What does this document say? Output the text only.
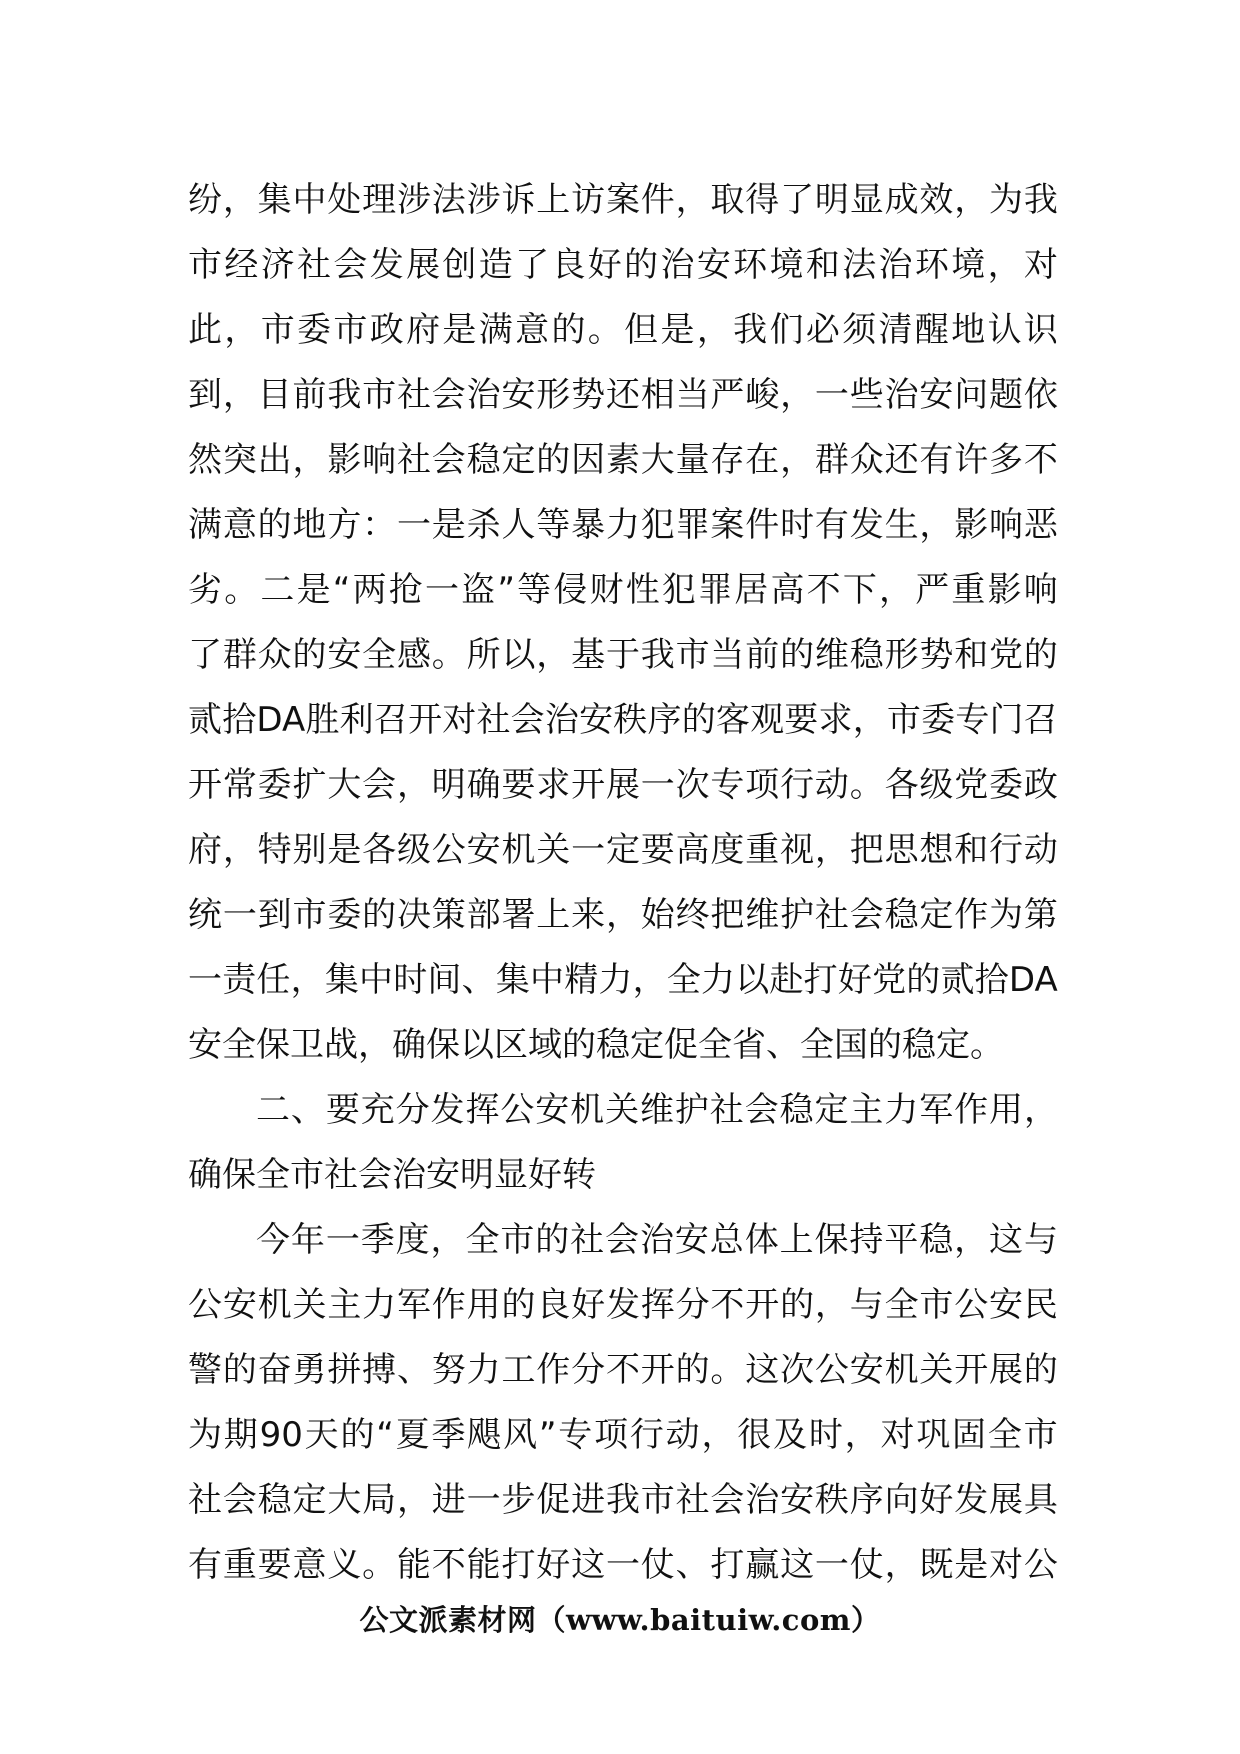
纷 ， 集 中 处 理 涉 法 涉 诉 上 访 案 件 ， 取 得 了 明 显 成 效 ， 为 我
市 经 济 社 会 发 展 创 造 了 良 好 的 治 安 环 境 和 法 治 环 境 ， 对
此 ， 市 委 市 政 府 是 满 意 的 。 但 是 ， 我 们 必 须 清 醒 地 认 识
到 ， 目 前 我 市 社 会 治 安 形 势 还 相 当 严 峻 ， 一 些 治 安 问 题 依
然 突 出 ， 影 响 社 会 稳 定 的 因 素 大 量 存 在 ， 群 众 还 有 许 多 不
满 意 的 地 方 ： 一 是 杀 人 等 暴 力 犯 罪 案 件 时 有 发 生 ， 影 响 恶
劣 。 二 是 “ 两 抢 一 盗 ” 等 侵 财 性 犯 罪 居 高 不 下 ， 严 重 影 响
了 群 众 的 安 全 感 。 所 以 ， 基 于 我 市 当 前 的 维 稳 形 势 和 党 的
贰 拾 DA 胜 利 召 开 对 社 会 治 安 秩 序 的 客 观 要 求 ， 市 委 专 门 召
开 常 委 扩 大 会 ， 明 确 要 求 开 展 一 次 专 项 行 动 。 各 级 党 委 政
府 ， 特 别 是 各 级 公 安 机 关 一 定 要 高 度 重 视 ， 把 思 想 和 行 动
统 一 到 市 委 的 决 策 部 署 上 来 ， 始 终 把 维 护 社 会 稳 定 作 为 第
一 责 任 ， 集 中 时 间 、 集 中 精 力 ， 全 力 以 赴 打 好 党 的 贰 拾 DA
安全保卫战，确保以区域的稳定促全省、全国的稳定。
二 、 要 充 分 发 挥 公 安 机 关 维 护 社 会 稳 定 主 力 军 作 用 ，
确保全市社会治安明显好转
今 年 一 季 度 ， 全 市 的 社 会 治 安 总 体 上 保 持 平 稳 ， 这 与
公 安 机 关 主 力 军 作 用 的 良 好 发 挥 分 不 开 的 ， 与 全 市 公 安 民
警 的 奋 勇 拼 搏 、 努 力 工 作 分 不 开 的 。 这 次 公 安 机 关 开 展 的
为 期 90 天 的 “ 夏 季 飓 风 ” 专 项 行 动 ， 很 及 时 ， 对 巩 固 全 市
社 会 稳 定 大 局 ， 进 一 步 促 进 我 市 社 会 治 安 秩 序 向 好 发 展 具
有 重 要 意 义 。 能 不 能 打 好 这 一 仗 、 打 赢 这 一 仗 ， 既 是 对 公
公文派素材网（www.baituiw.com）
